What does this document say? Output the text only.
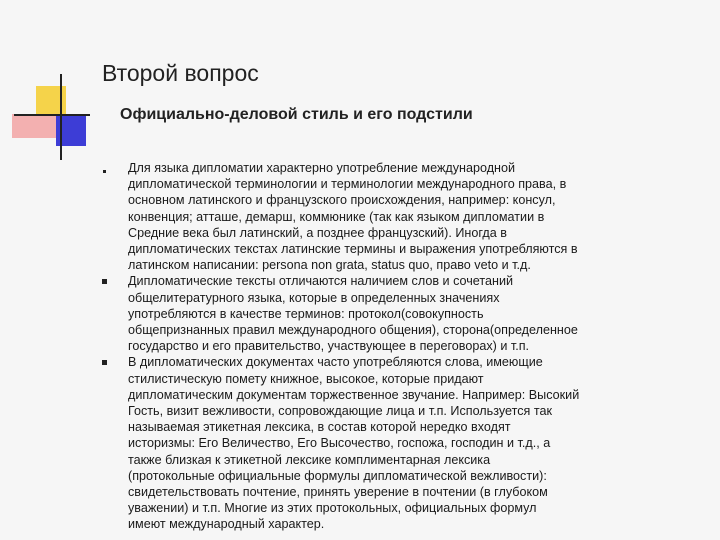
Второй вопрос
Официально-деловой стиль и его подстили
Для языка дипломатии характерно употребление международной
дипломатической терминологии и терминологии международного права, в
основном латинского и французского происхождения, например: консул,
конвенция; атташе, демарш, коммюнике (так как языком дипломатии в
Средние века был латинский, а позднее французский). Иногда в
дипломатических текстах латинские термины и выражения употребляются в
латинском написании: persona non grata, status quo, право veto и т.д.
Дипломатические тексты отличаются наличием слов и сочетаний
общелитературного языка, которые в определенных значениях
употребляются в качестве терминов: протокол(совокупность
общепризнанных правил международного общения), сторона(определенное
государство и его правительство, участвующее в переговорах) и т.п.
В дипломатических документах часто употребляются слова, имеющие
стилистическую помету книжное, высокое, которые придают
дипломатическим документам торжественное звучание. Например: Высокий
Гость, визит вежливости, сопровождающие лица и т.п. Используется так
называемая этикетная лексика, в состав которой нередко входят
историзмы: Его Величество, Его Высочество, госпожа, господин и т.д., а
также близкая к этикетной лексике комплиментарная лексика
(протокольные официальные формулы дипломатической вежливости):
свидетельствовать почтение, принять уверение в почтении (в глубоком
уважении) и т.п. Многие из этих протокольных, официальных формул
имеют международный характер.
